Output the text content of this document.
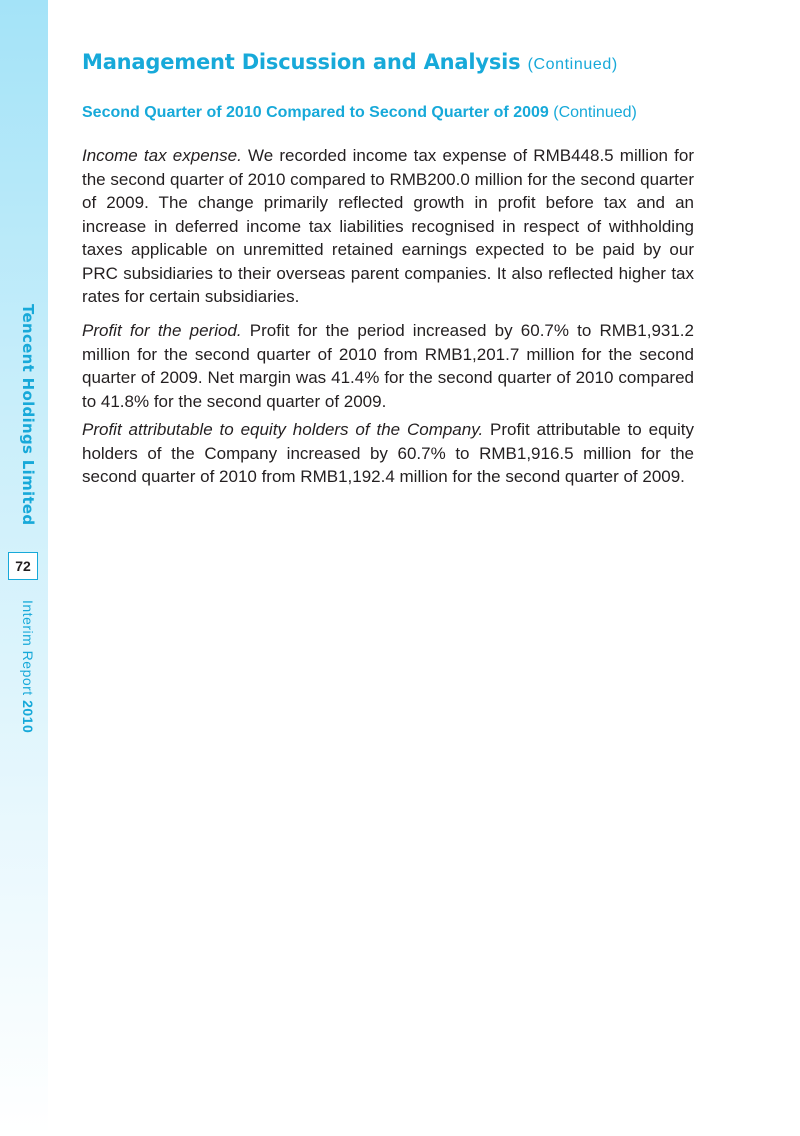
Tencent Holdings Limited
72
Interim Report 2010
Management Discussion and Analysis (Continued)
Second Quarter of 2010 Compared to Second Quarter of 2009 (Continued)

Income tax expense. We recorded income tax expense of RMB448.5 million for the second quarter of 2010 compared to RMB200.0 million for the second quarter of 2009. The change primarily reflected growth in profit before tax and an increase in deferred income tax liabilities recognised in respect of withholding taxes applicable on unremitted retained earnings expected to be paid by our PRC subsidiaries to their overseas parent companies. It also reflected higher tax rates for certain subsidiaries.

Profit for the period. Profit for the period increased by 60.7% to RMB1,931.2 million for the second quarter of 2010 from RMB1,201.7 million for the second quarter of 2009. Net margin was 41.4% for the second quarter of 2010 compared to 41.8% for the second quarter of 2009.

Profit attributable to equity holders of the Company. Profit attributable to equity holders of the Company increased by 60.7% to RMB1,916.5 million for the second quarter of 2010 from RMB1,192.4 million for the second quarter of 2009.
